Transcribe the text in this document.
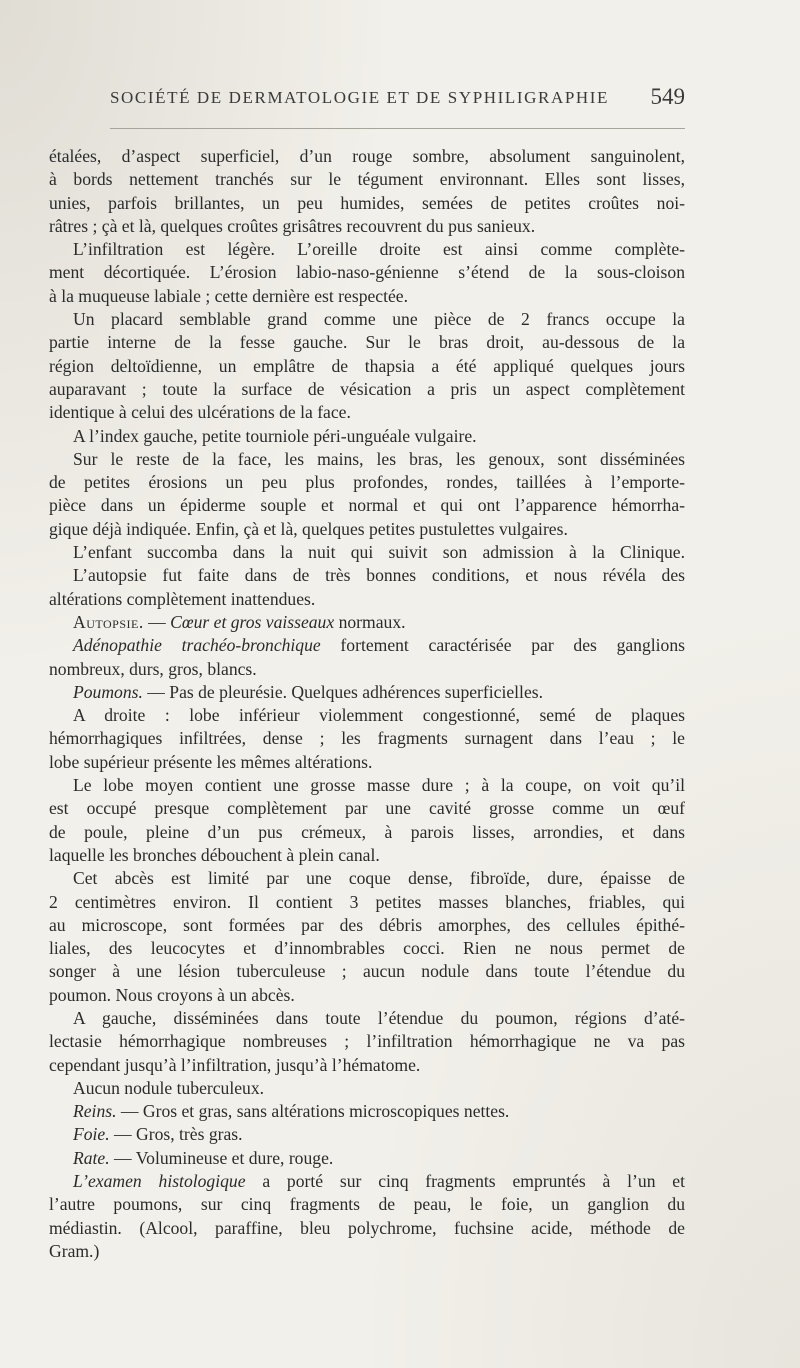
SOCIÉTÉ DE DERMATOLOGIE ET DE SYPHILIGRAPHIE 549
étalées, d’aspect superficiel, d’un rouge sombre, absolument sanguinolent,
à bords nettement tranchés sur le tégument environnant. Elles sont lisses,
unies, parfois brillantes, un peu humides, semées de petites croûtes noi-
râtres ; çà et là, quelques croûtes grisâtres recouvrent du pus sanieux.
L’infiltration est légère. L’oreille droite est ainsi comme complète-
ment décortiquée. L’érosion labio-naso-génienne s’étend de la sous-cloison
à la muqueuse labiale ; cette dernière est respectée.
Un placard semblable grand comme une pièce de 2 francs occupe la
partie interne de la fesse gauche. Sur le bras droit, au-dessous de la
région deltoïdienne, un emplâtre de thapsia a été appliqué quelques jours
auparavant ; toute la surface de vésication a pris un aspect complètement
identique à celui des ulcérations de la face.
A l’index gauche, petite tourniole péri-unguéale vulgaire.
Sur le reste de la face, les mains, les bras, les genoux, sont disséminées
de petites érosions un peu plus profondes, rondes, taillées à l’emporte-
pièce dans un épiderme souple et normal et qui ont l’apparence hémorrha-
gique déjà indiquée. Enfin, çà et là, quelques petites pustulettes vulgaires.
L’enfant succomba dans la nuit qui suivit son admission à la Clinique.
L’autopsie fut faite dans de très bonnes conditions, et nous révéla des
altérations complètement inattendues.
Autopsie. — Cœur et gros vaisseaux normaux.
Adénopathie trachéo-bronchique fortement caractérisée par des ganglions
nombreux, durs, gros, blancs.
Poumons. — Pas de pleurésie. Quelques adhérences superficielles.
A droite : lobe inférieur violemment congestionné, semé de plaques
hémorrhagiques infiltrées, dense ; les fragments surnagent dans l’eau ; le
lobe supérieur présente les mêmes altérations.
Le lobe moyen contient une grosse masse dure ; à la coupe, on voit qu’il
est occupé presque complètement par une cavité grosse comme un œuf
de poule, pleine d’un pus crémeux, à parois lisses, arrondies, et dans
laquelle les bronches débouchent à plein canal.
Cet abcès est limité par une coque dense, fibroïde, dure, épaisse de
2 centimètres environ. Il contient 3 petites masses blanches, friables, qui
au microscope, sont formées par des débris amorphes, des cellules épithé-
liales, des leucocytes et d’innombrables cocci. Rien ne nous permet de
songer à une lésion tuberculeuse ; aucun nodule dans toute l’étendue du
poumon. Nous croyons à un abcès.
A gauche, disséminées dans toute l’étendue du poumon, régions d’até-
lectasie hémorrhagique nombreuses ; l’infiltration hémorrhagique ne va pas
cependant jusqu’à l’infiltration, jusqu’à l’hématome.
Aucun nodule tuberculeux.
Reins. — Gros et gras, sans altérations microscopiques nettes.
Foie. — Gros, très gras.
Rate. — Volumineuse et dure, rouge.
L’examen histologique a porté sur cinq fragments empruntés à l’un et
l’autre poumons, sur cinq fragments de peau, le foie, un ganglion du
médiastin. (Alcool, paraffine, bleu polychrome, fuchsine acide, méthode de
Gram.)
